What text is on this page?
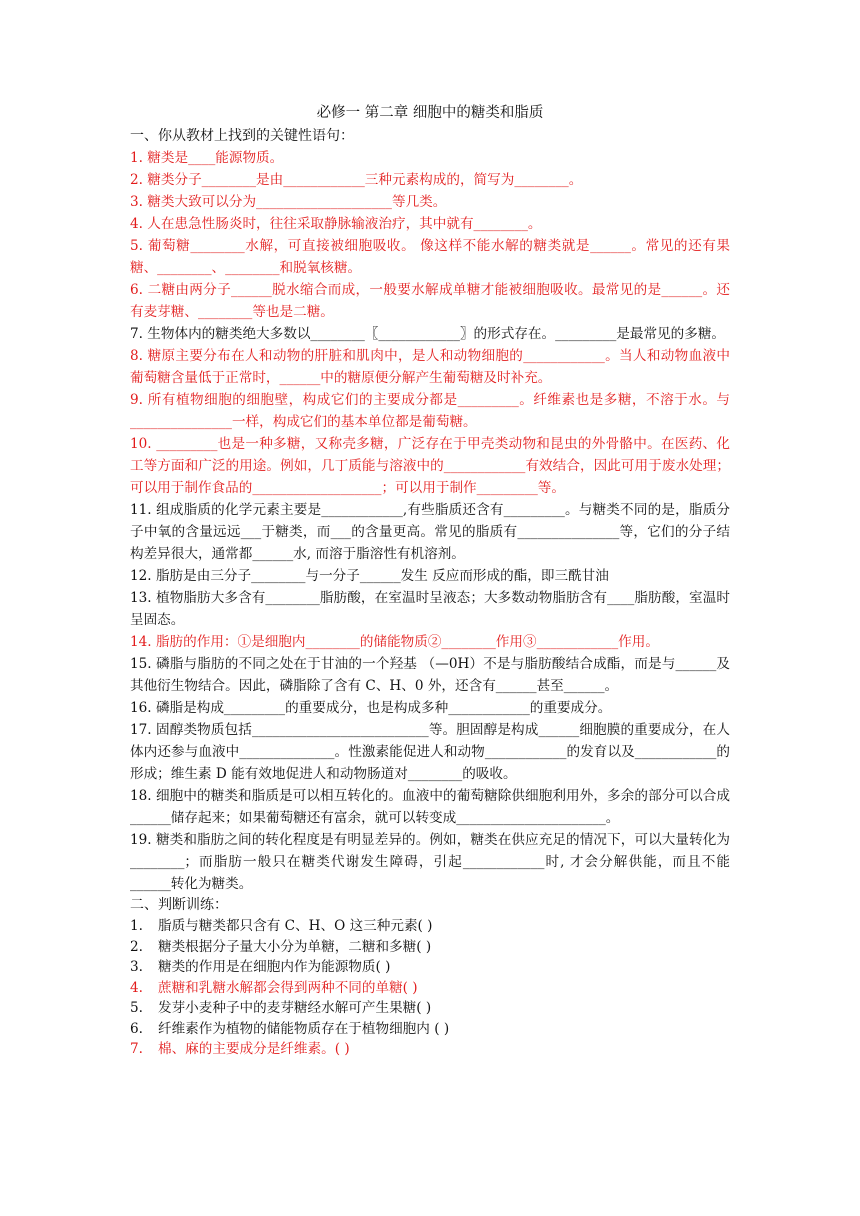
必修一 第二章 细胞中的糖类和脂质

一、你从教材上找到的关键性语句：

1. 糖类是____能源物质。

2. 糖类分子________是由____________三种元素构成的，简写为________。

3. 糖类大致可以分为____________________等几类。

4. 人在患急性肠炎时，往往采取静脉输液治疗，其中就有________。

5. 葡萄糖________水解，可直接被细胞吸收。 像这样不能水解的糖类就是______。常见的还有果糖、________、________和脱氧核糖。

6. 二糖由两分子______脱水缩合而成，一般要水解成单糖才能被细胞吸收。最常见的是______。还有麦芽糖、________等也是二糖。

7. 生物体内的糖类绝大多数以________〖____________〗的形式存在。_________是最常见的多糖。

8. 糖原主要分布在人和动物的肝脏和肌肉中，是人和动物细胞的____________。当人和动物血液中葡萄糖含量低于正常时，______中的糖原便分解产生葡萄糖及时补充。

9. 所有植物细胞的细胞壁，构成它们的主要成分都是_________。纤维素也是多糖，不溶于水。与_______________一样，构成它们的基本单位都是葡萄糖。

10. _________也是一种多糖，又称壳多糖，广泛存在于甲壳类动物和昆虫的外骨骼中。在医药、化工等方面和广泛的用途。例如，几丁质能与溶液中的____________有效结合，因此可用于废水处理；可以用于制作食品的___________________；可以用于制作_________等。

11. 组成脂质的化学元素主要是____________,有些脂质还含有_________。与糖类不同的是，脂质分子中氧的含量远远___于糖类，而___的含量更高。常见的脂质有_______________等，它们的分子结构差异很大，通常都______水, 而溶于脂溶性有机溶剂。

12. 脂肪是由三分子________与一分子______发生 反应而形成的酯，即三酰甘油

13. 植物脂肪大多含有________脂肪酸，在室温时呈液态；大多数动物脂肪含有____脂肪酸，室温时呈固态。

14. 脂肪的作用：①是细胞内________的储能物质②________作用③____________作用。

15. 磷脂与脂肪的不同之处在于甘油的一个羟基 （—0H）不是与脂肪酸结合成酯，而是与______及其他衍生物结合。因此，磷脂除了含有 C、H、0 外，还含有______甚至______。

16. 磷脂是构成_________的重要成分，也是构成多种____________的重要成分。

17. 固醇类物质包括__________________________等。胆固醇是构成______细胞膜的重要成分，在人体内还参与血液中______________。性激素能促进人和动物____________的发育以及____________的形成；维生素 D 能有效地促进人和动物肠道对________的吸收。

18. 细胞中的糖类和脂质是可以相互转化的。血液中的葡萄糖除供细胞利用外，多余的部分可以合成______储存起来；如果葡萄糖还有富余，就可以转变成______________________。

19. 糖类和脂肪之间的转化程度是有明显差异的。例如，糖类在供应充足的情况下，可以大量转化为________；而脂肪一般只在糖类代谢发生障碍，引起____________时, 才会分解供能，而且不能______转化为糖类。

二、判断训练：

1. 脂质与糖类都只含有 C、H、O 这三种元素( )

2. 糖类根据分子量大小分为单糖，二糖和多糖( )

3. 糖类的作用是在细胞内作为能源物质( )

4. 蔗糖和乳糖水解都会得到两种不同的单糖( )

5. 发芽小麦种子中的麦芽糖经水解可产生果糖( )

6. 纤维素作为植物的储能物质存在于植物细胞内 ( )

7. 棉、麻的主要成分是纤维素。( )
